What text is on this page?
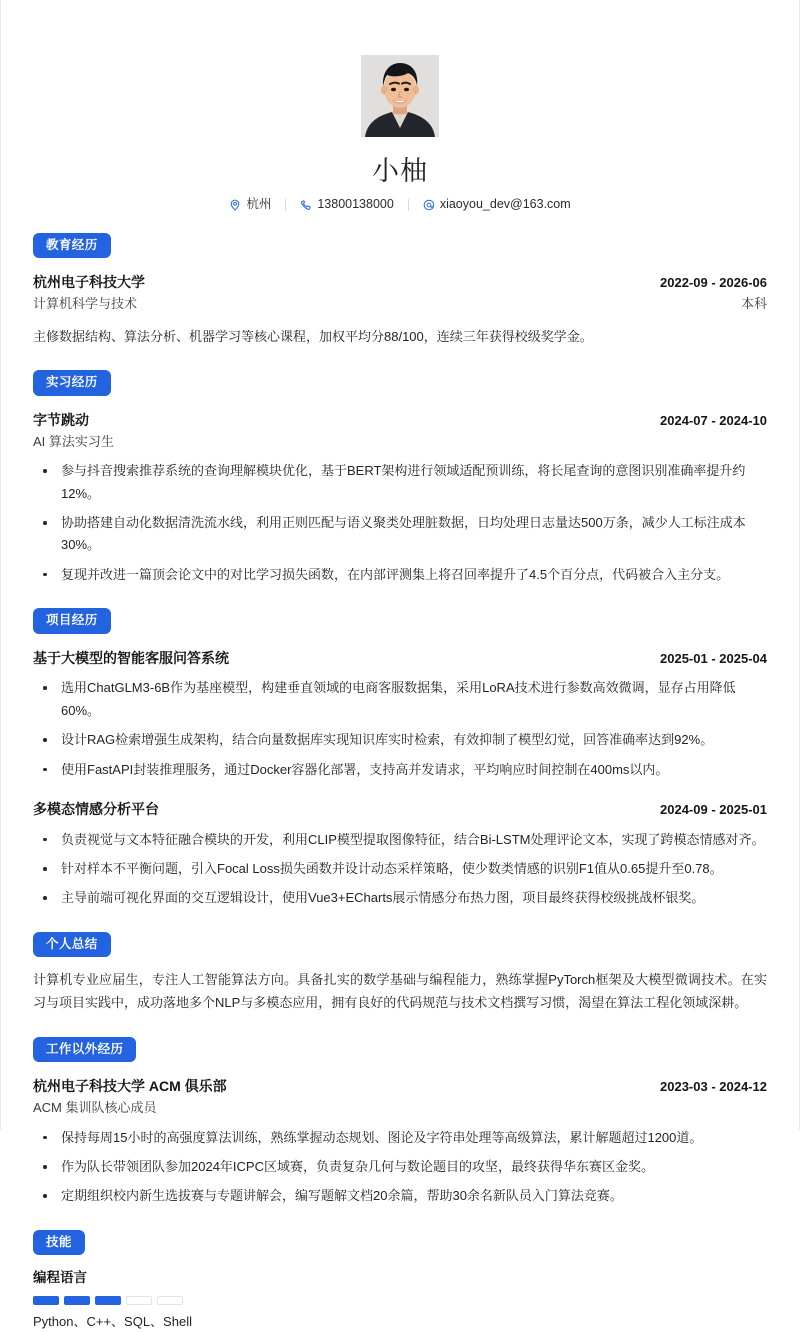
小柚
杭州	13800138000	xiaoyou_dev@163.com
教育经历
杭州电子科技大学	2022-09 - 2026-06
计算机科学与技术	本科
主修数据结构、算法分析、机器学习等核心课程，加权平均分88/100，连续三年获得校级奖学金。
实习经历
字节跳动	2024-07 - 2024-10
AI 算法实习生
参与抖音搜索推荐系统的查询理解模块优化，基于BERT架构进行领域适配预训练，将长尾查询的意图识别准确率提升约12%。
协助搭建自动化数据清洗流水线，利用正则匹配与语义聚类处理脏数据，日均处理日志量达500万条，减少人工标注成本30%。
复现并改进一篇顶会论文中的对比学习损失函数，在内部评测集上将召回率提升了4.5个百分点，代码被合入主分支。
项目经历
基于大模型的智能客服问答系统	2025-01 - 2025-04
选用ChatGLM3-6B作为基座模型，构建垂直领域的电商客服数据集，采用LoRA技术进行参数高效微调，显存占用降低60%。
设计RAG检索增强生成架构，结合向量数据库实现知识库实时检索，有效抑制了模型幻觉，回答准确率达到92%。
使用FastAPI封装推理服务，通过Docker容器化部署，支持高并发请求，平均响应时间控制在400ms以内。
多模态情感分析平台	2024-09 - 2025-01
负责视觉与文本特征融合模块的开发，利用CLIP模型提取图像特征，结合Bi-LSTM处理评论文本，实现了跨模态情感对齐。
针对样本不平衡问题，引入Focal Loss损失函数并设计动态采样策略，使少数类情感的识别F1值从0.65提升至0.78。
主导前端可视化界面的交互逻辑设计，使用Vue3+ECharts展示情感分布热力图，项目最终获得校级挑战杯银奖。
个人总结
计算机专业应届生，专注人工智能算法方向。具备扎实的数学基础与编程能力，熟练掌握PyTorch框架及大模型微调技术。在实习与项目实践中，成功落地多个NLP与多模态应用，拥有良好的代码规范与技术文档撰写习惯，渴望在算法工程化领域深耕。
工作以外经历
杭州电子科技大学 ACM 俱乐部	2023-03 - 2024-12
ACM 集训队核心成员
保持每周15小时的高强度算法训练，熟练掌握动态规划、图论及字符串处理等高级算法，累计解题超过1200道。
作为队长带领团队参加2024年ICPC区域赛，负责复杂几何与数论题目的攻坚，最终获得华东赛区金奖。
定期组织校内新生选拔赛与专题讲解会，编写题解文档20余篇，帮助30余名新队员入门算法竞赛。
技能
编程语言
Python、C++、SQL、Shell
